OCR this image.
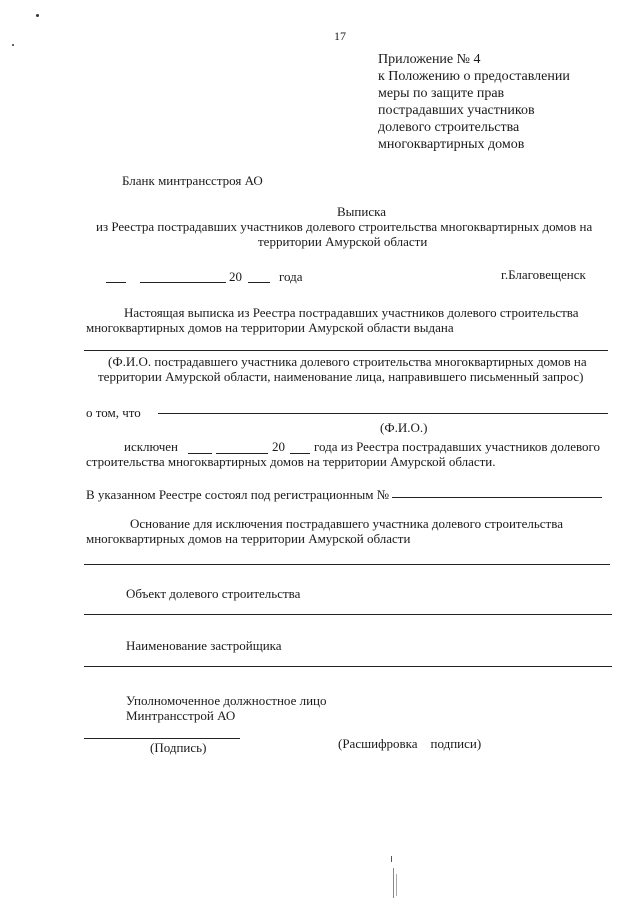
17
Приложение № 4
к Положению о предоставлении
меры по защите прав
пострадавших участников
долевого строительства
многоквартирных домов
Бланк минтрансстроя АО
Выписка
из Реестра пострадавших участников долевого строительства многоквартирных домов на
территории Амурской области
20	года	г.Благовещенск
Настоящая выписка из Реестра пострадавших участников долевого строительства
многоквартирных домов на территории Амурской области выдана
(Ф.И.О. пострадавшего участника долевого строительства многоквартирных домов на
территории Амурской области, наименование лица, направившего письменный запрос)
о том, что
(Ф.И.О.)
исключен	20 года из Реестра пострадавших участников долевого
строительства многоквартирных домов на территории Амурской области.
В указанном Реестре состоял под регистрационным №
Основание для исключения пострадавшего участника долевого строительства
многоквартирных домов на территории Амурской области
Объект долевого строительства
Наименование застройщика
Уполномоченное должностное лицо
Минтрансстрой АО
(Подпись)	(Расшифровка    подписи)
